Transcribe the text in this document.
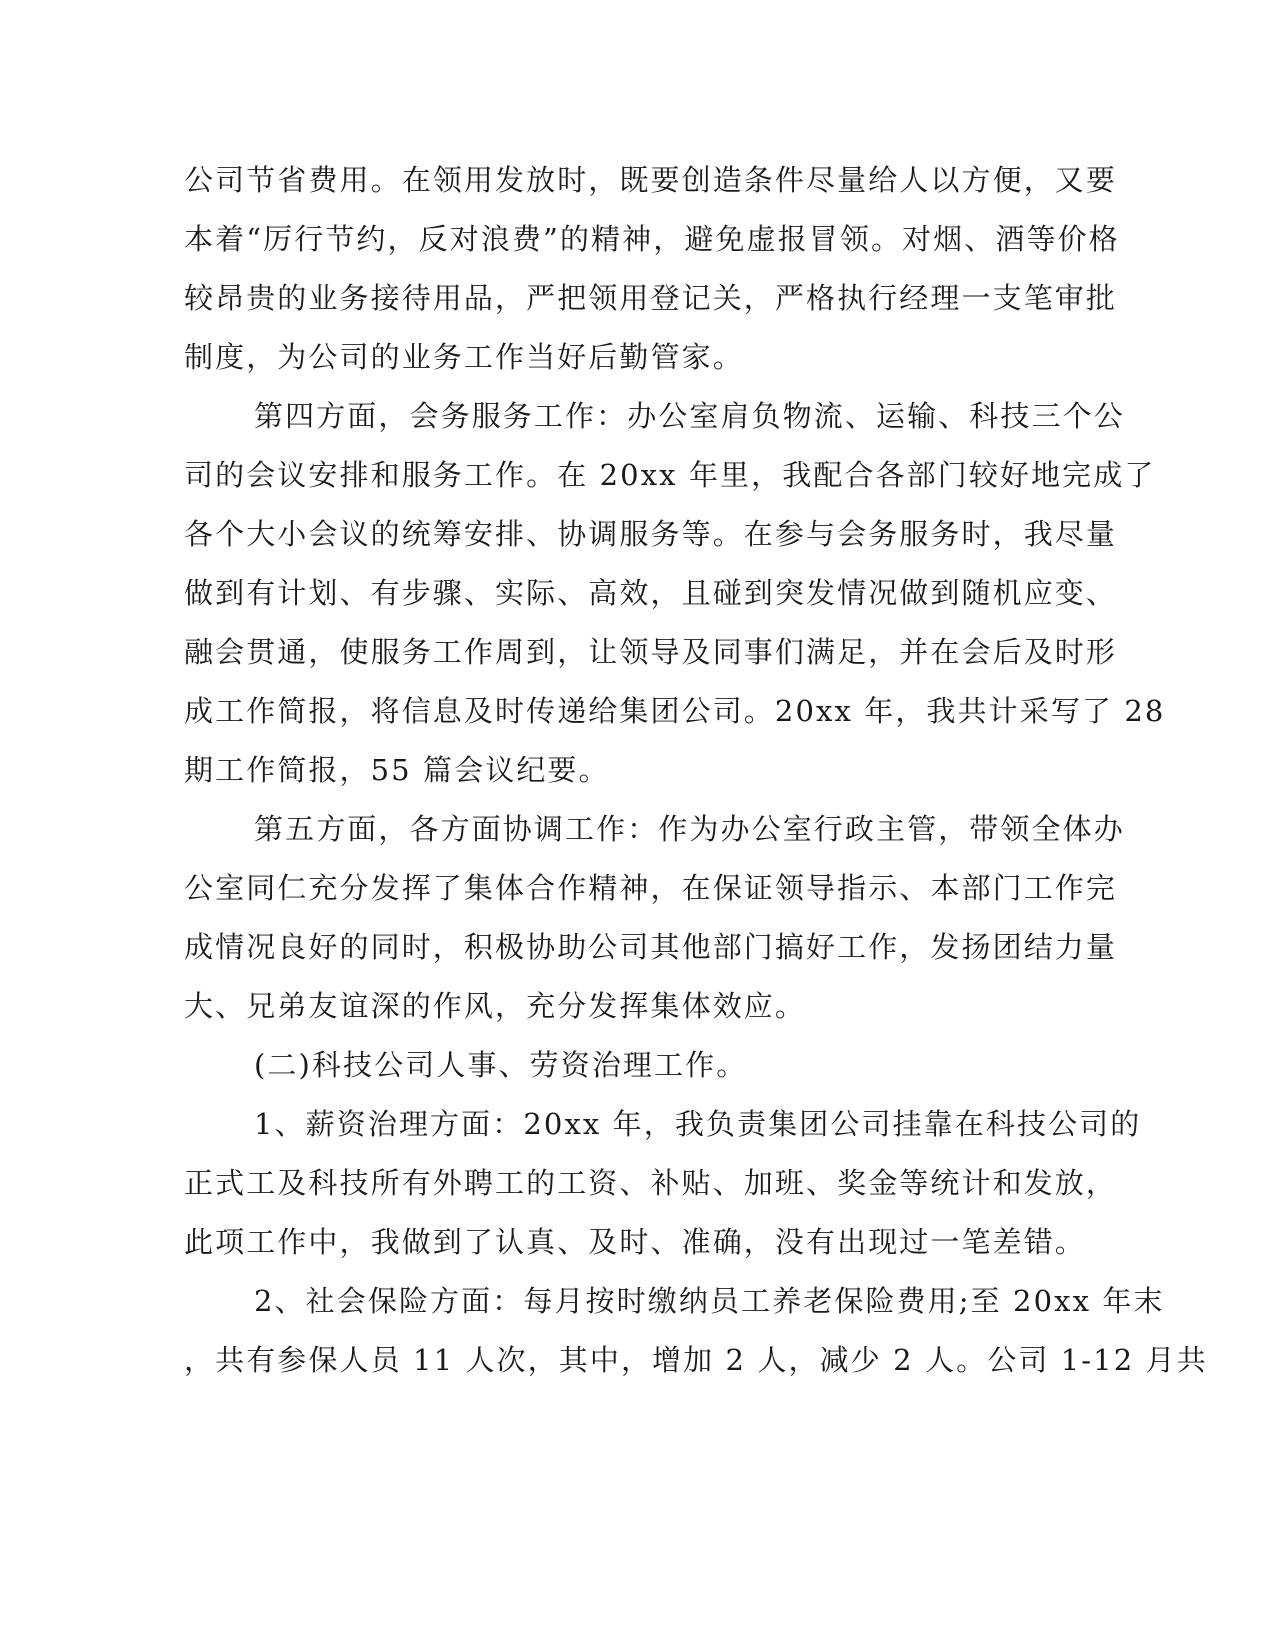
公司节省费用。在领用发放时，既要创造条件尽量给人以方便，又要
本着“厉行节约，反对浪费”的精神，避免虚报冒领。对烟、酒等价格
较昂贵的业务接待用品，严把领用登记关，严格执行经理一支笔审批
制度，为公司的业务工作当好后勤管家。
第四方面，会务服务工作：办公室肩负物流、运输、科技三个公
司的会议安排和服务工作。在 20xx 年里，我配合各部门较好地完成了
各个大小会议的统筹安排、协调服务等。在参与会务服务时，我尽量
做到有计划、有步骤、实际、高效，且碰到突发情况做到随机应变、
融会贯通，使服务工作周到，让领导及同事们满足，并在会后及时形
成工作简报，将信息及时传递给集团公司。20xx 年，我共计采写了 28
期工作简报，55 篇会议纪要。
第五方面，各方面协调工作：作为办公室行政主管，带领全体办
公室同仁充分发挥了集体合作精神，在保证领导指示、本部门工作完
成情况良好的同时，积极协助公司其他部门搞好工作，发扬团结力量
大、兄弟友谊深的作风，充分发挥集体效应。
(二)科技公司人事、劳资治理工作。
1、薪资治理方面：20xx 年，我负责集团公司挂靠在科技公司的
正式工及科技所有外聘工的工资、补贴、加班、奖金等统计和发放，
此项工作中，我做到了认真、及时、准确，没有出现过一笔差错。
2、社会保险方面：每月按时缴纳员工养老保险费用;至 20xx 年末
，共有参保人员 11 人次，其中，增加 2 人，减少 2 人。公司 1-12 月共
